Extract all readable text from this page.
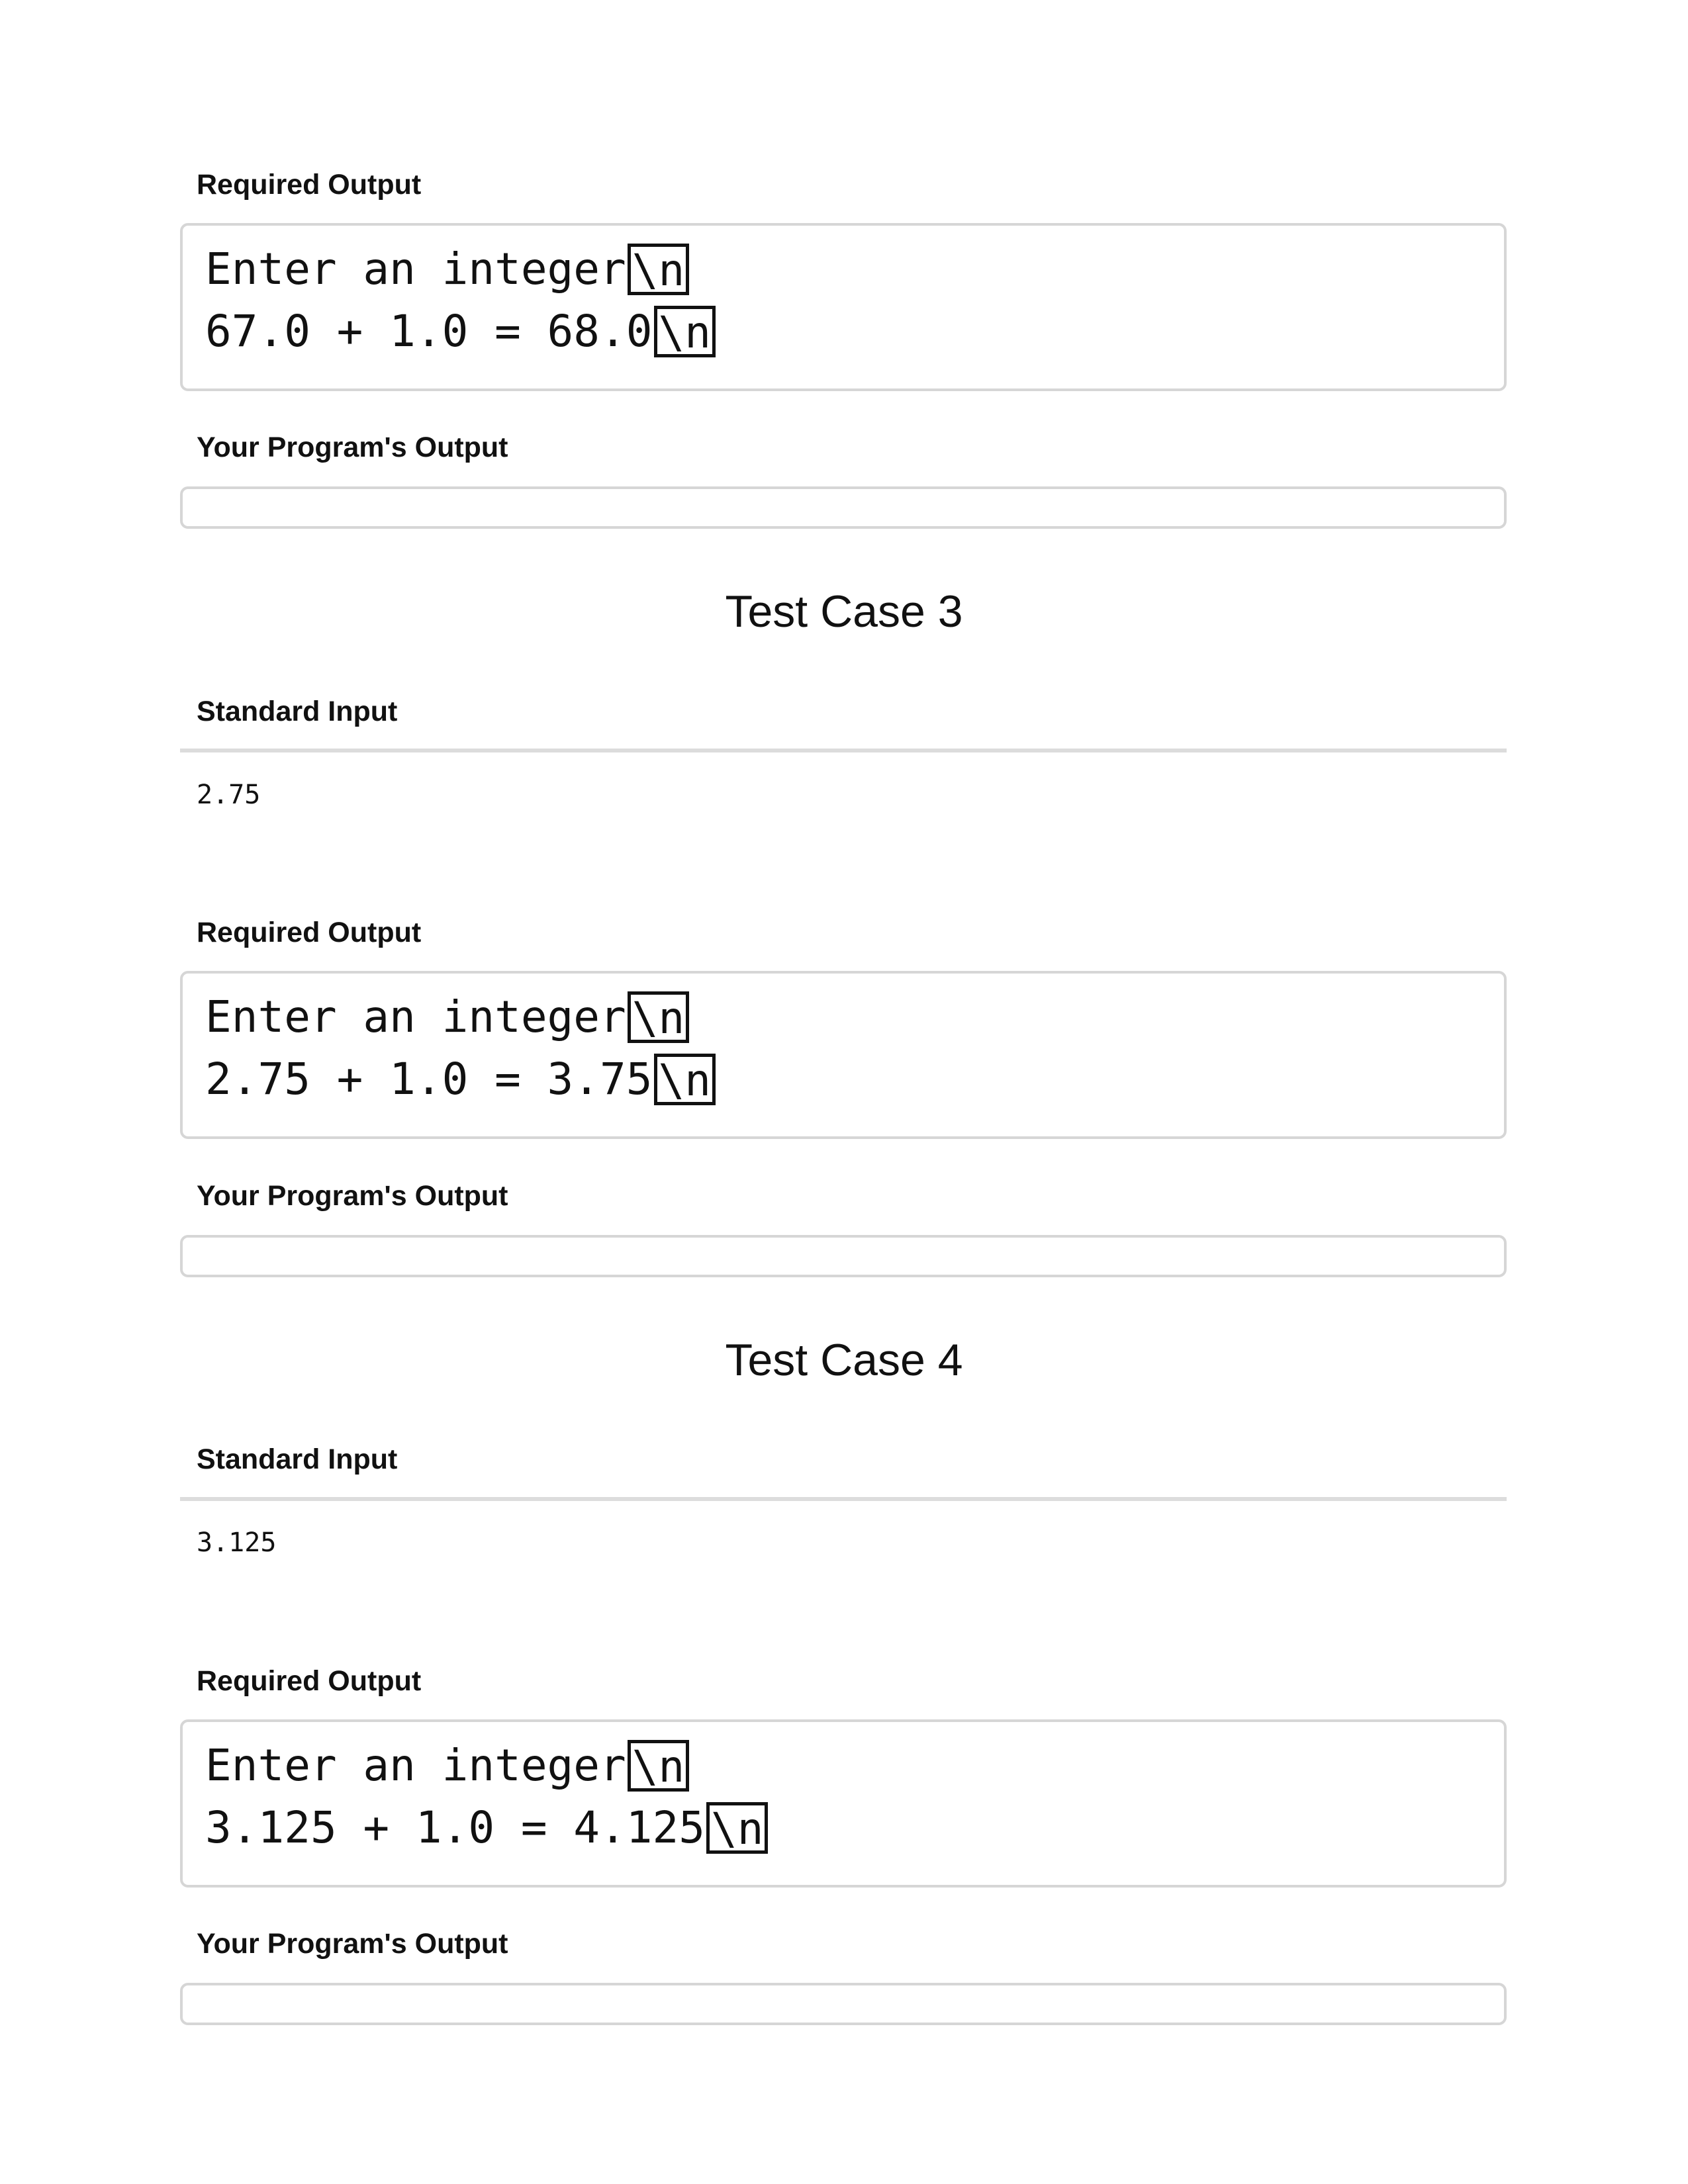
Required Output
Enter an integer \n
67.0 + 1.0 = 68.0 \n
Your Program's Output
Test Case 3
Standard Input
2.75
Required Output
Enter an integer \n
2.75 + 1.0 = 3.75 \n
Your Program's Output
Test Case 4
Standard Input
3.125
Required Output
Enter an integer \n
3.125 + 1.0 = 4.125 \n
Your Program's Output
